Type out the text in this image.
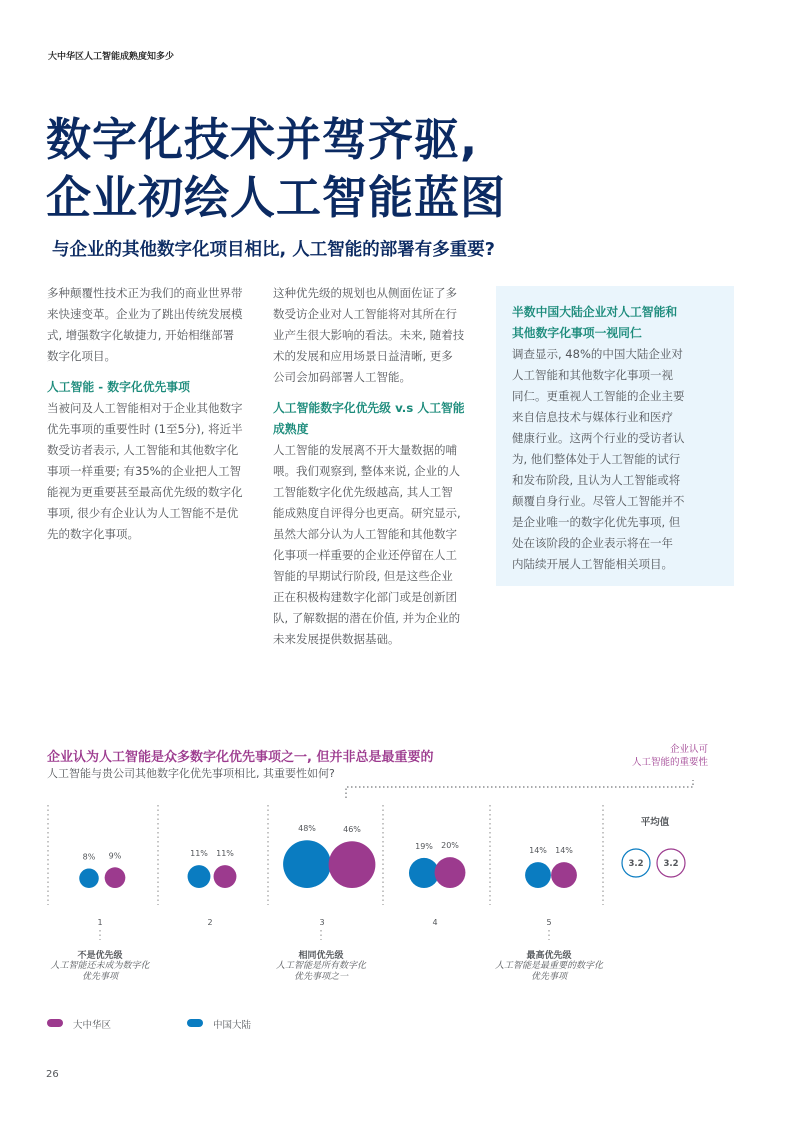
大中华区人工智能成熟度知多少
数字化技术并驾齐驱,
企业初绘人工智能蓝图
与企业的其他数字化项目相比, 人工智能的部署有多重要?

多种颠覆性技术正为我们的商业世界带

来快速变革。企业为了跳出传统发展模

式, 增强数字化敏捷力, 开始相继部署

数字化项目。

人工智能 - 数字化优先事项

当被问及人工智能相对于企业其他数字

优先事项的重要性时 (1至5分), 将近半

数受访者表示, 人工智能和其他数字化

事项一样重要; 有35%的企业把人工智

能视为更重要甚至最高优先级的数字化

事项, 很少有企业认为人工智能不是优

先的数字化事项。

这种优先级的规划也从侧面佐证了多

数受访企业对人工智能将对其所在行

业产生很大影响的看法。未来, 随着技

术的发展和应用场景日益清晰, 更多

公司会加码部署人工智能。

人工智能数字化优先级 v.s 人工智能

成熟度

人工智能的发展离不开大量数据的哺

喂。我们观察到, 整体来说, 企业的人

工智能数字化优先级越高, 其人工智

能成熟度自评得分也更高。研究显示,

虽然大部分认为人工智能和其他数字

化事项一样重要的企业还停留在人工

智能的早期试行阶段, 但是这些企业

正在积极构建数字化部门或是创新团

队, 了解数据的潜在价值, 并为企业的

未来发展提供数据基础。

半数中国大陆企业对人工智能和

其他数字化事项一视同仁

调查显示, 48%的中国大陆企业对

人工智能和其他数字化事项一视

同仁。更重视人工智能的企业主要

来自信息技术与媒体行业和医疗

健康行业。这两个行业的受访者认

为, 他们整体处于人工智能的试行

和发布阶段, 且认为人工智能或将

颠覆自身行业。尽管人工智能并不

是企业唯一的数字化优先事项, 但

处在该阶段的企业表示将在一年

内陆续开展人工智能相关项目。

企业认为人工智能是众多数字化优先事项之一, 但并非总是最重要的
人工智能与贵公司其他数字化优先事项相比, 其重要性如何?
企业认可
人工智能的重要性
平均值
8% 9%
1
11% 11%
2
48%	46%
3
19% 20%
4
14% 14%
5
3.2 3.2
不是优先级
人工智能还未成为数字化
优先事项
相同优先级
人工智能是所有数字化
优先事项之一
最高优先级
人工智能是最重要的数字化
优先事项
大中华区	中国大陆
26
